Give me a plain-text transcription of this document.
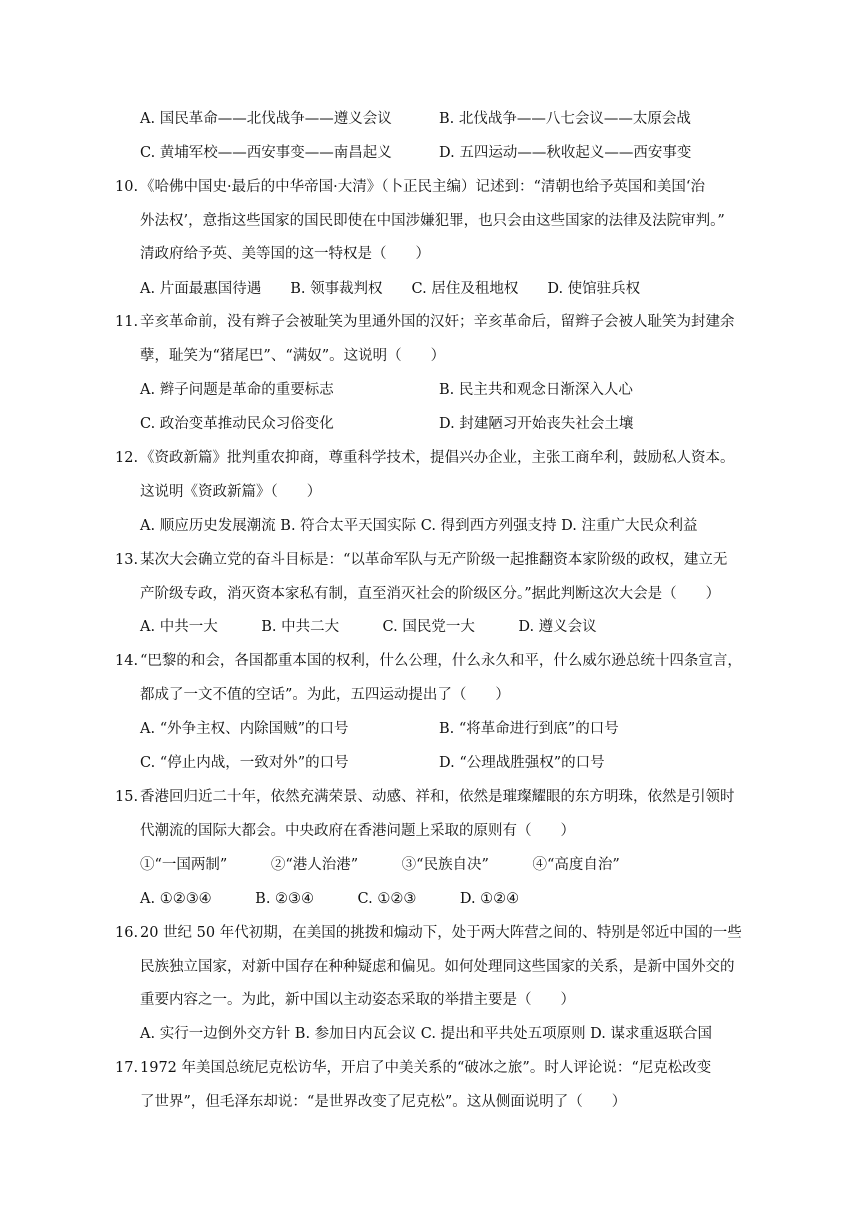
A. 国民革命——北伐战争——遵义会议	B. 北伐战争——八七会议——太原会战
C. 黄埔军校——西安事变——南昌起义	D. 五四运动——秋收起义——西安事变
10. 《哈佛中国史·最后的中华帝国·大清》（卜正民主编）记述到：“清朝也给予英国和美国‘治
外法权’，意指这些国家的国民即使在中国涉嫌犯罪，也只会由这些国家的法律及法院审判。”
清政府给予英、美等国的这一特权是（　　）
A. 片面最惠国待遇　　B. 领事裁判权　　C. 居住及租地权　　D. 使馆驻兵权
11. 辛亥革命前，没有辫子会被耻笑为里通外国的汉奸；辛亥革命后，留辫子会被人耻笑为封建余
孽，耻笑为“猪尾巴”、“满奴”。这说明（　　）
A. 辫子问题是革命的重要标志	B. 民主共和观念日渐深入人心
C. 政治变革推动民众习俗变化	D. 封建陋习开始丧失社会土壤
12. 《资政新篇》批判重农抑商，尊重科学技术，提倡兴办企业，主张工商牟利，鼓励私人资本。
这说明《资政新篇》（　　）
A. 顺应历史发展潮流 B. 符合太平天国实际 C. 得到西方列强支持 D. 注重广大民众利益
13. 某次大会确立党的奋斗目标是：“以革命军队与无产阶级一起推翻资本家阶级的政权，建立无
产阶级专政，消灭资本家私有制，直至消灭社会的阶级区分。”据此判断这次大会是（　　）
A. 中共一大　　　B. 中共二大　　　C. 国民党一大　　　D. 遵义会议
14. “巴黎的和会，各国都重本国的权利，什么公理，什么永久和平，什么威尔逊总统十四条宣言，
都成了一文不值的空话”。为此，五四运动提出了（　　）
A. “外争主权、内除国贼”的口号	B. “将革命进行到底”的口号
C. “停止内战，一致对外”的口号	D. “公理战胜强权”的口号
15. 香港回归近二十年，依然充满荣景、动感、祥和，依然是璀璨耀眼的东方明珠，依然是引领时
代潮流的国际大都会。中央政府在香港问题上采取的原则有（　　）
①“一国两制”　　　②“港人治港”　　　③“民族自决”　　　④“高度自治”
A. ①②③④　　　B. ②③④　　　C. ①②③　　　D. ①②④
16. 20 世纪 50 年代初期，在美国的挑拨和煽动下，处于两大阵营之间的、特别是邻近中国的一些
民族独立国家，对新中国存在种种疑虑和偏见。如何处理同这些国家的关系，是新中国外交的
重要内容之一。为此，新中国以主动姿态采取的举措主要是（　　）
A. 实行一边倒外交方针 B. 参加日内瓦会议 C. 提出和平共处五项原则 D. 谋求重返联合国
17. 1972 年美国总统尼克松访华，开启了中美关系的“破冰之旅”。时人评论说：“尼克松改变
了世界”，但毛泽东却说：“是世界改变了尼克松”。这从侧面说明了（　　）
